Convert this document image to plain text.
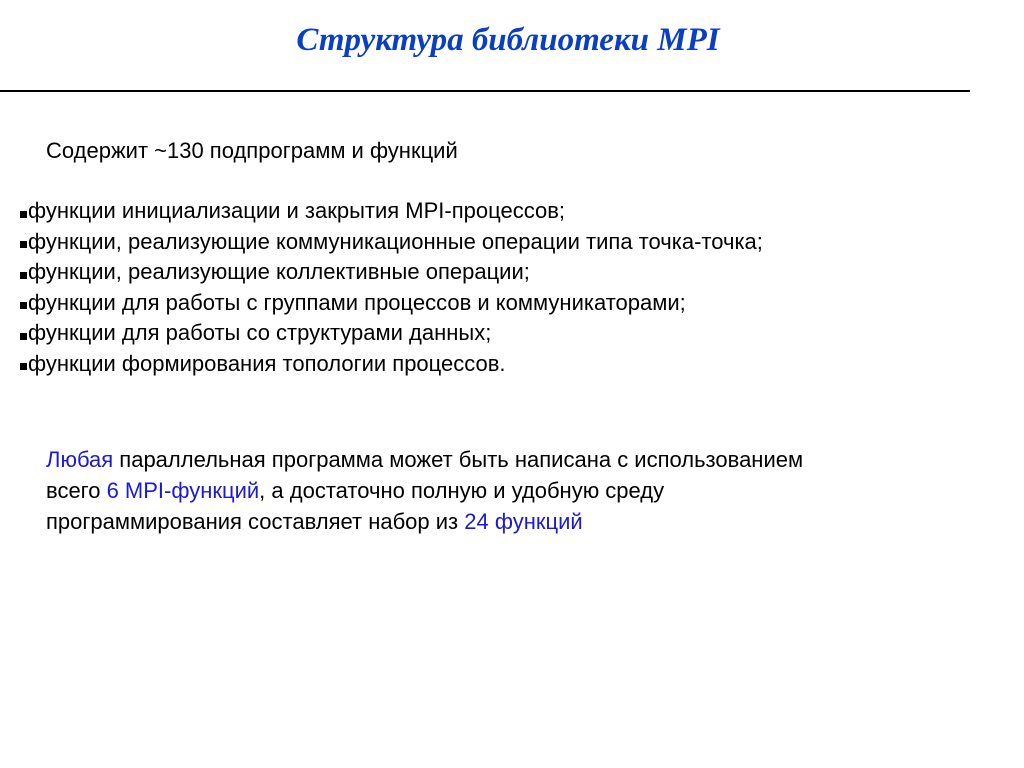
Структура библиотеки MPI
Содержит ~130 подпрограмм и функций
функции инициализации и закрытия MPI-процессов;
функции, реализующие коммуникационные операции типа точка-точка;
функции, реализующие коллективные операции;
функции для работы с группами процессов и коммуникаторами;
функции для работы со структурами данных;
функции формирования топологии процессов.
Любая параллельная программа может быть написана с использованием
всего 6 MPI-функций, а достаточно полную и удобную среду
программирования составляет набор из 24 функций
